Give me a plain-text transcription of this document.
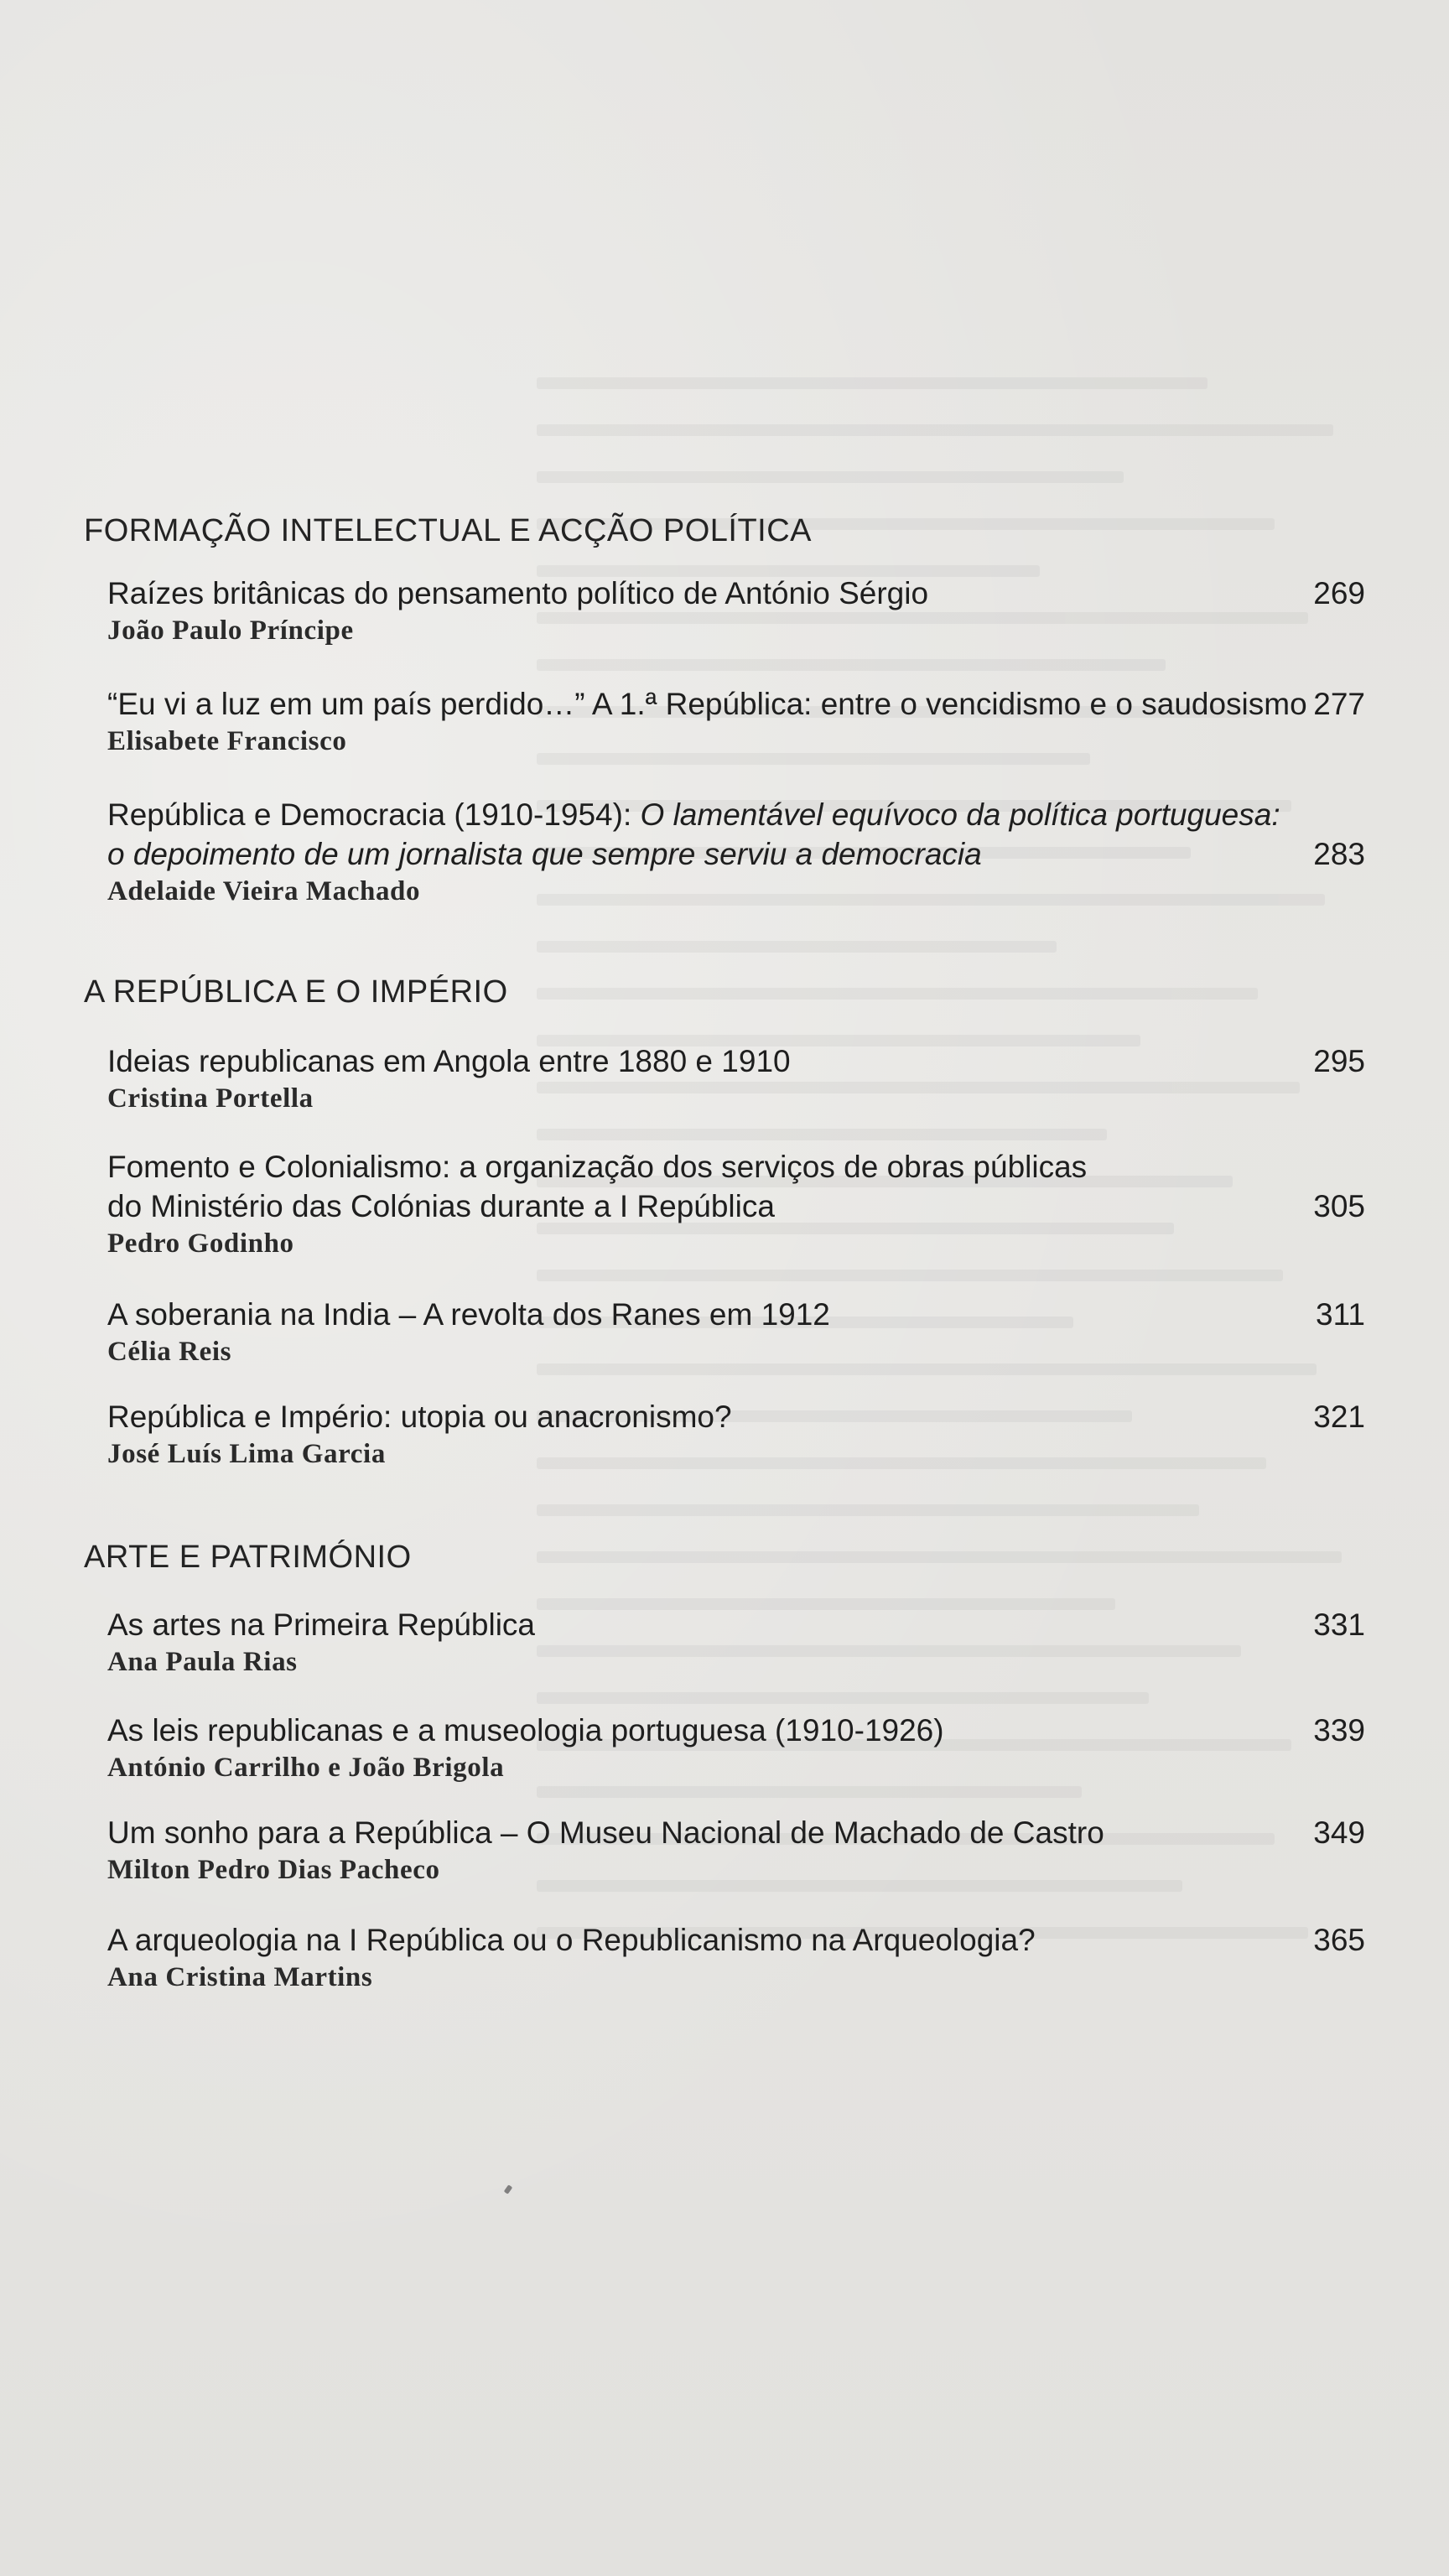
FORMAÇÃO INTELECTUAL E ACÇÃO POLÍTICA
Raízes britânicas do pensamento político de António Sérgio
João Paulo Príncipe
269
“Eu vi a luz em um país perdido…” A 1.ª República: entre o vencidismo e o saudosismo
Elisabete Francisco
277
República e Democracia (1910-1954): O lamentável equívoco da política portuguesa:
o depoimento de um jornalista que sempre serviu a democracia
Adelaide Vieira Machado
283
A REPÚBLICA E O IMPÉRIO
Ideias republicanas em Angola entre 1880 e 1910
Cristina Portella
295
Fomento e Colonialismo: a organização dos serviços de obras públicas
do Ministério das Colónias durante a I República
Pedro Godinho
305
A soberania na India – A revolta dos Ranes em 1912
Célia Reis
311
República e Império: utopia ou anacronismo?
José Luís Lima Garcia
321
ARTE E PATRIMÓNIO
As artes na Primeira República
Ana Paula Rias
331
As leis republicanas e a museologia portuguesa (1910-1926)
António Carrilho e João Brigola
339
Um sonho para a República – O Museu Nacional de Machado de Castro
Milton Pedro Dias Pacheco
349
A arqueologia na I República ou o Republicanismo na Arqueologia?
Ana Cristina Martins
365
